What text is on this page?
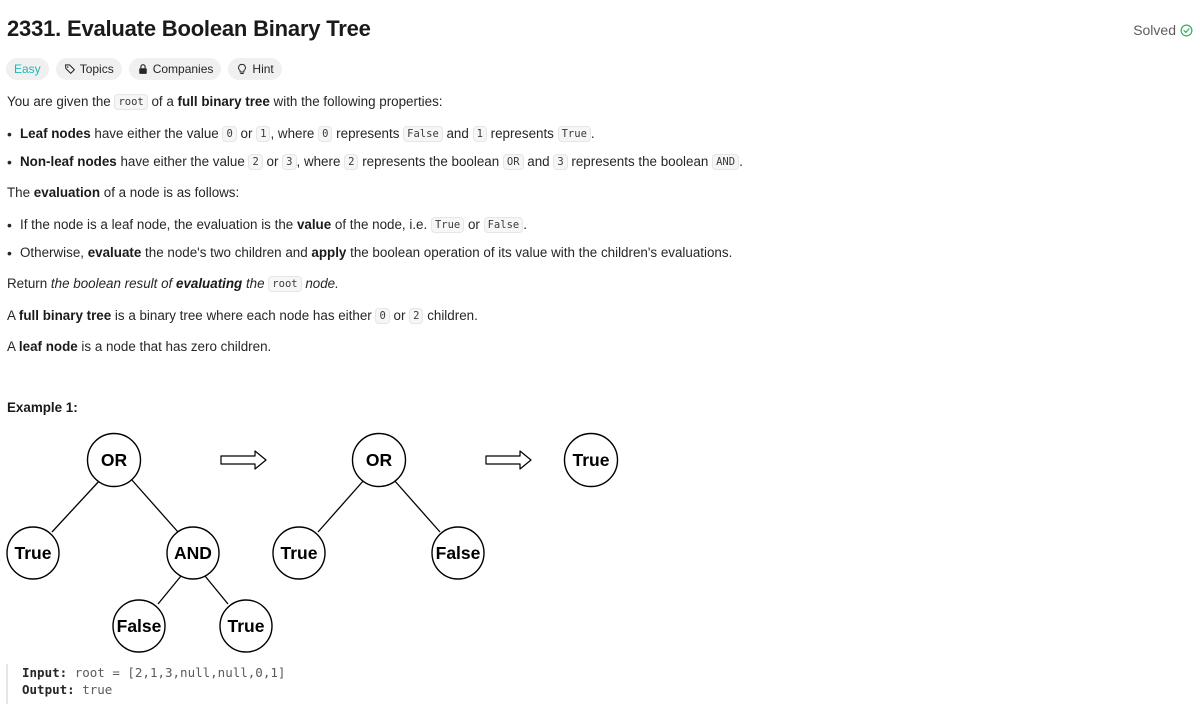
2331. Evaluate Boolean Binary Tree	Solved
Easy	Topics	Companies	Hint
You are given the root of a full binary tree with the following properties:
• Leaf nodes have either the value 0 or 1 , where 0 represents False and 1 represents True .
• Non-leaf nodes have either the value 2 or 3 , where 2 represents the boolean OR and 3 represents the boolean AND .
The evaluation of a node is as follows:
• If the node is a leaf node, the evaluation is the value of the node, i.e. True or False .
• Otherwise, evaluate the node's two children and apply the boolean operation of its value with the children's evaluations.
Return the boolean result of evaluating the root node.
A full binary tree is a binary tree where each node has either 0 or 2 children.
A leaf node is a node that has zero children.
Example 1:
OR
True	AND
False	True
OR
True	False
True
Input: root = [2,1,3,null,null,0,1]
Output: true
